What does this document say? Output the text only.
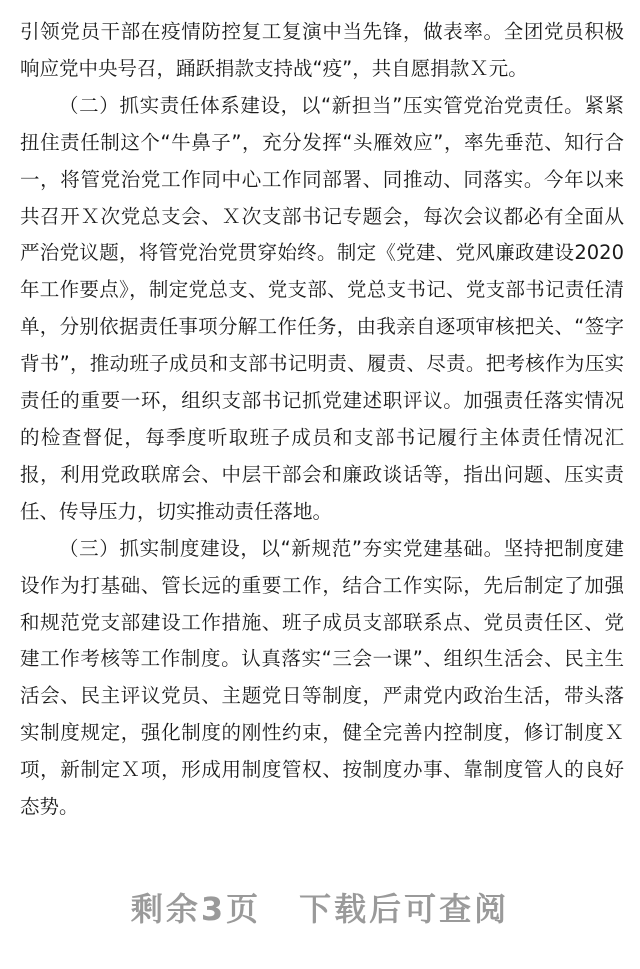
引领党员干部在疫情防控复工复演中当先锋，做表率。全团党员积极响应党中央号召，踊跃捐款支持战“疫”，共自愿捐款Ｘ元。

（二）抓实责任体系建设，以“新担当”压实管党治党责任。紧紧扭住责任制这个“牛鼻子”，充分发挥“头雁效应”，率先垂范、知行合一，将管党治党工作同中心工作同部署、同推动、同落实。今年以来共召开Ｘ次党总支会、Ｘ次支部书记专题会，每次会议都必有全面从严治党议题，将管党治党贯穿始终。制定《党建、党风廉政建设2020年工作要点》，制定党总支、党支部、党总支书记、党支部书记责任清单，分别依据责任事项分解工作任务，由我亲自逐项审核把关、“签字背书”，推动班子成员和支部书记明责、履责、尽责。把考核作为压实责任的重要一环，组织支部书记抓党建述职评议。加强责任落实情况的检查督促，每季度听取班子成员和支部书记履行主体责任情况汇报，利用党政联席会、中层干部会和廉政谈话等，指出问题、压实责任、传导压力，切实推动责任落地。

（三）抓实制度建设，以“新规范”夯实党建基础。坚持把制度建设作为打基础、管长远的重要工作，结合工作实际，先后制定了加强和规范党支部建设工作措施、班子成员支部联系点、党员责任区、党建工作考核等工作制度。认真落实“三会一课”、组织生活会、民主生活会、民主评议党员、主题党日等制度，严肃党内政治生活，带头落实制度规定，强化制度的刚性约束，健全完善内控制度，修订制度Ｘ项，新制定Ｘ项，形成用制度管权、按制度办事、靠制度管人的良好态势。

剩余3页 下载后可查阅
